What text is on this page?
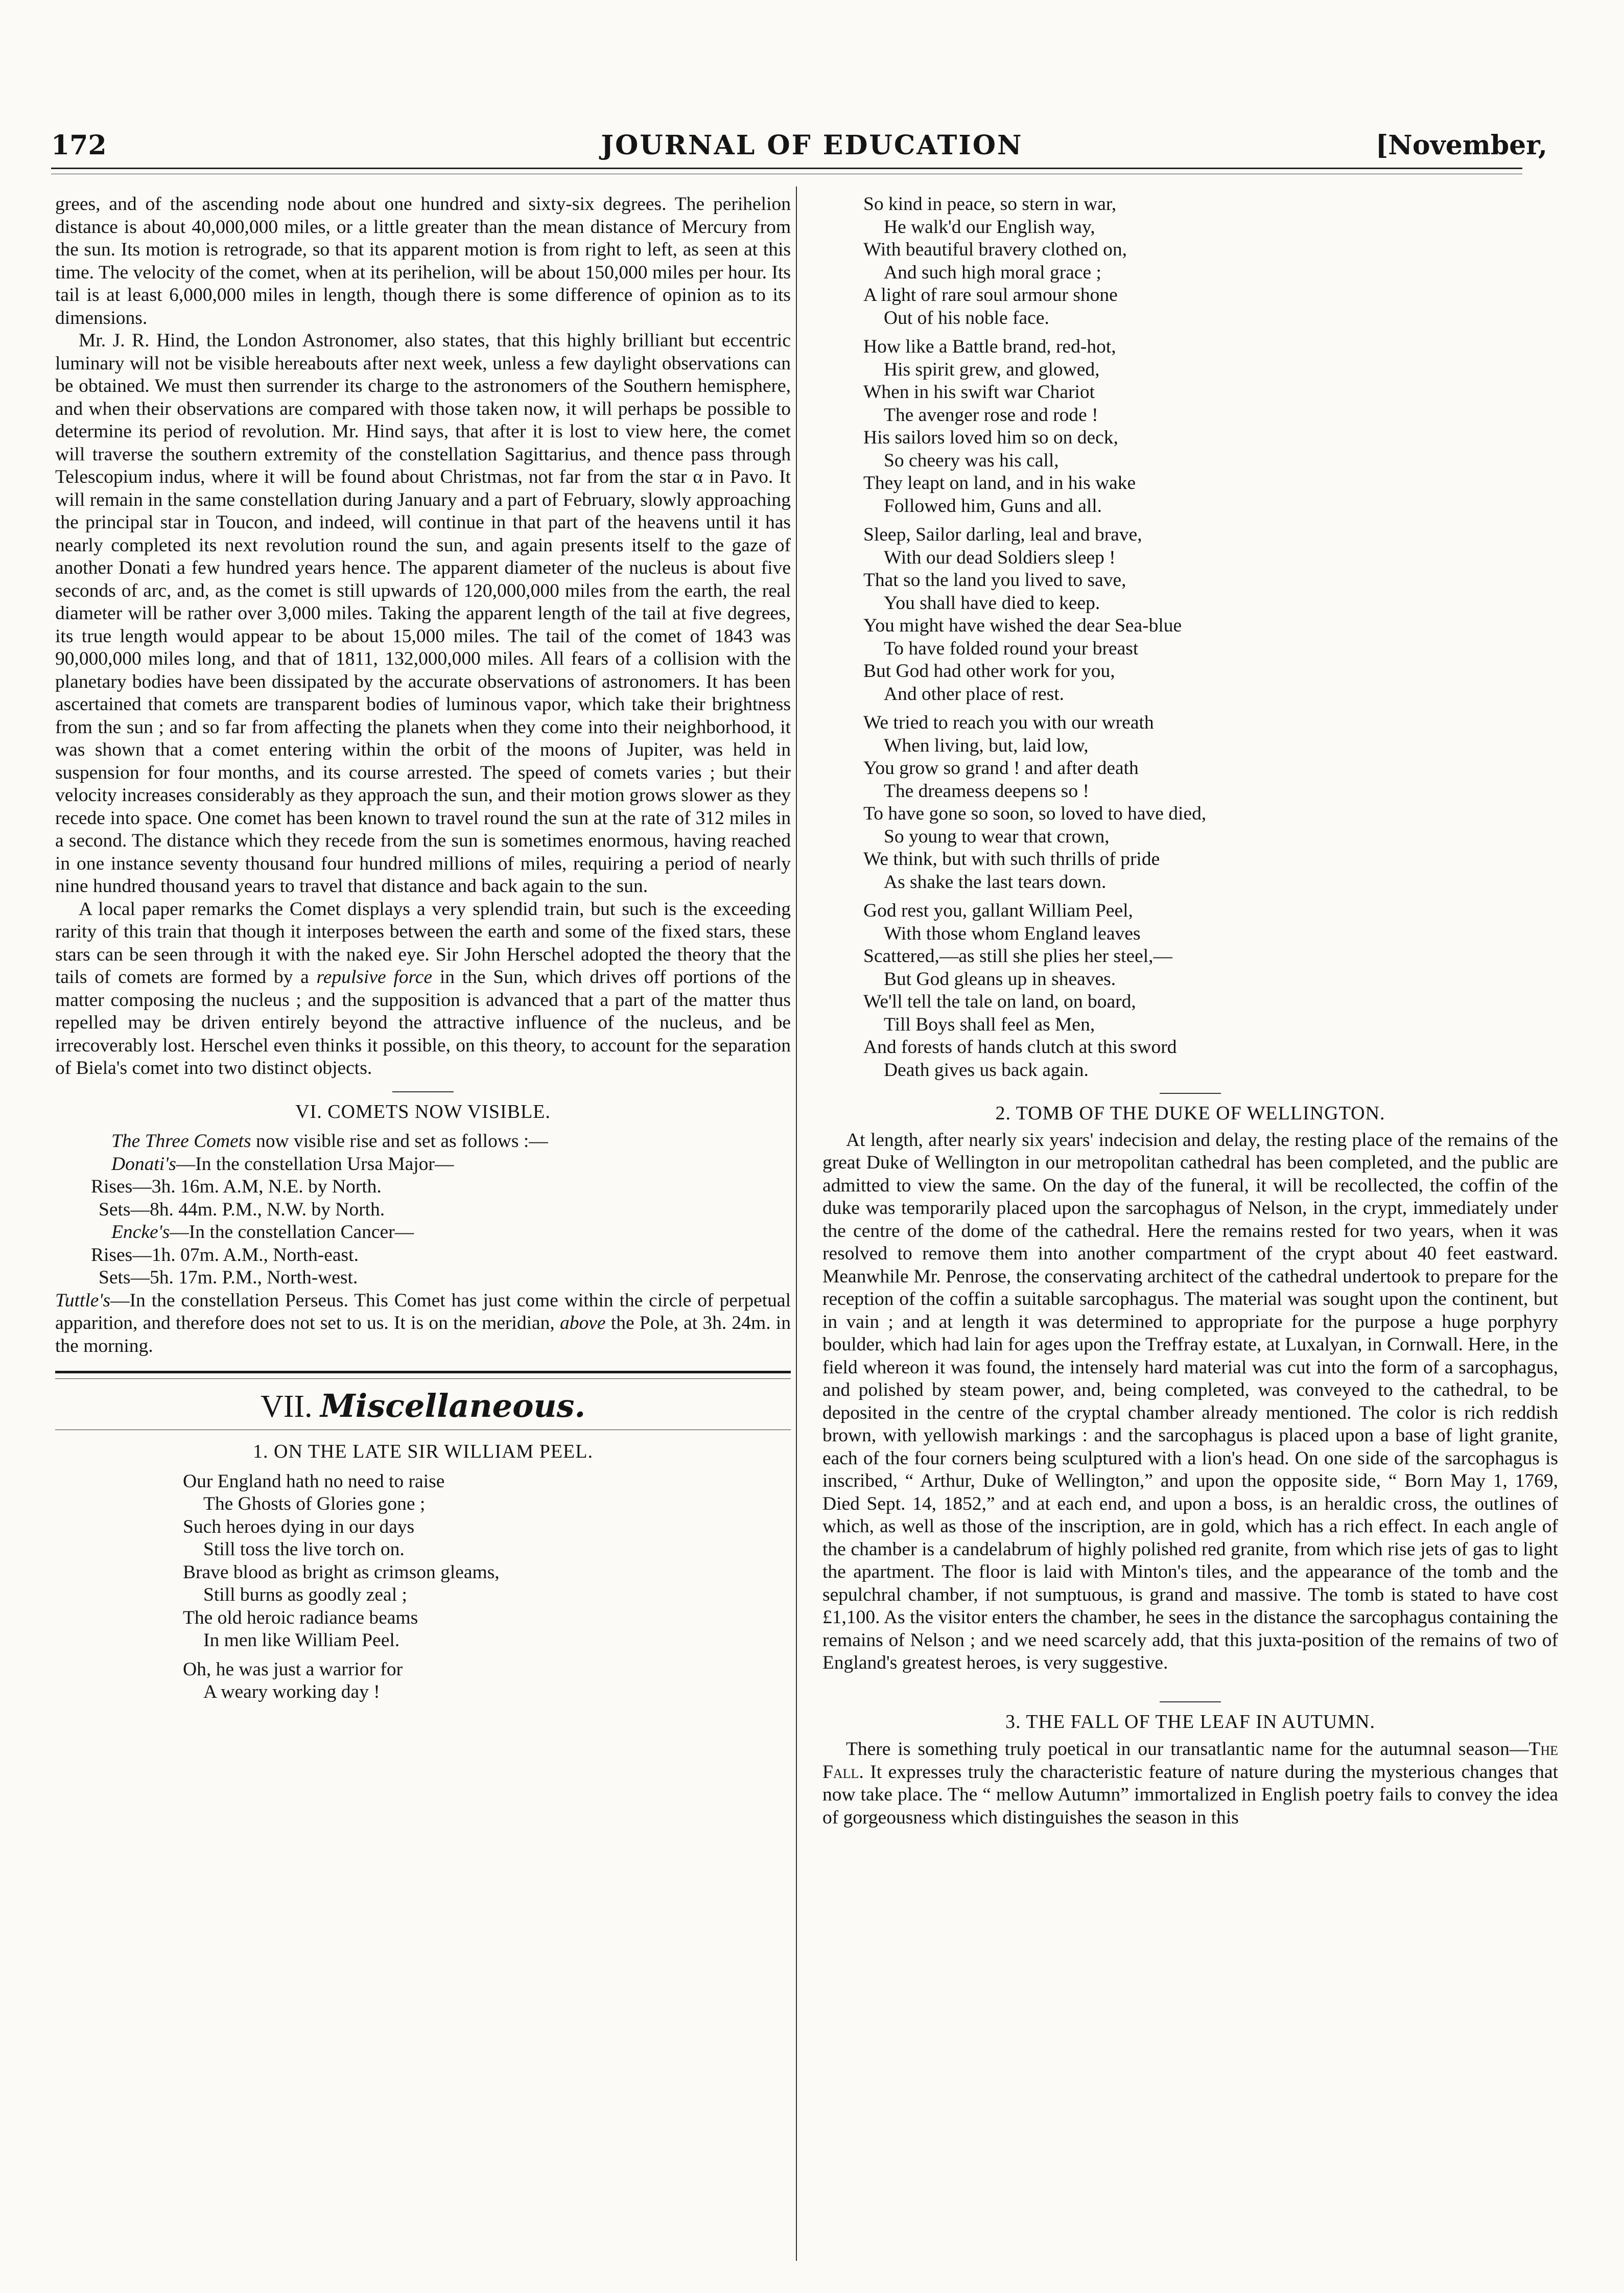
172	JOURNAL OF EDUCATION	[November,

grees, and of the ascending node about one hundred and sixty-six degrees. The perihelion distance is about 40,000,000 miles, or a little greater than the mean distance of Mercury from the sun. Its motion is retrograde, so that its apparent motion is from right to left, as seen at this time. The velocity of the comet, when at its perihelion, will be about 150,000 miles per hour. Its tail is at least 6,000,000 miles in length, though there is some difference of opinion as to its dimensions.

Mr. J. R. Hind, the London Astronomer, also states, that this highly brilliant but eccentric luminary will not be visible hereabouts after next week, unless a few daylight observations can be obtained. We must then surrender its charge to the astronomers of the Southern hemisphere, and when their observations are compared with those taken now, it will perhaps be possible to determine its period of revolution. Mr. Hind says, that after it is lost to view here, the comet will traverse the southern extremity of the constellation Sagittarius, and thence pass through Telescopium indus, where it will be found about Christmas, not far from the star α in Pavo. It will remain in the same constellation during January and a part of February, slowly approaching the principal star in Toucon, and indeed, will continue in that part of the heavens until it has nearly completed its next revolution round the sun, and again presents itself to the gaze of another Donati a few hundred years hence. The apparent diameter of the nucleus is about five seconds of arc, and, as the comet is still upwards of 120,000,000 miles from the earth, the real diameter will be rather over 3,000 miles. Taking the apparent length of the tail at five degrees, its true length would appear to be about 15,000 miles. The tail of the comet of 1843 was 90,000,000 miles long, and that of 1811, 132,000,000 miles. All fears of a collision with the planetary bodies have been dissipated by the accurate observations of astronomers. It has been ascertained that comets are transparent bodies of luminous vapor, which take their brightness from the sun ; and so far from affecting the planets when they come into their neighborhood, it was shown that a comet entering within the orbit of the moons of Jupiter, was held in suspension for four months, and its course arrested. The speed of comets varies ; but their velocity increases considerably as they approach the sun, and their motion grows slower as they recede into space. One comet has been known to travel round the sun at the rate of 312 miles in a second. The distance which they recede from the sun is sometimes enormous, having reached in one instance seventy thousand four hundred millions of miles, requiring a period of nearly nine hundred thousand years to travel that distance and back again to the sun.

A local paper remarks the Comet displays a very splendid train, but such is the exceeding rarity of this train that though it interposes between the earth and some of the fixed stars, these stars can be seen through it with the naked eye. Sir John Herschel adopted the theory that the tails of comets are formed by a repulsive force in the Sun, which drives off portions of the matter composing the nucleus ; and the supposition is advanced that a part of the matter thus repelled may be driven entirely beyond the attractive influence of the nucleus, and be irrecoverably lost. Herschel even thinks it possible, on this theory, to account for the separation of Biela's comet into two distinct objects.

VI. COMETS NOW VISIBLE.

The Three Comets now visible rise and set as follows :—

Donati's—In the constellation Ursa Major—

Rises—3h. 16m. A.M, N.E. by North.

Sets—8h. 44m. P.M., N.W. by North.

Encke's—In the constellation Cancer—

Rises—1h. 07m. A.M., North-east.

Sets—5h. 17m. P.M., North-west.

Tuttle's—In the constellation Perseus. This Comet has just come within the circle of perpetual apparition, and therefore does not set to us. It is on the meridian, above the Pole, at 3h. 24m. in the morning.

VII. Miscellaneous.
1. ON THE LATE SIR WILLIAM PEEL.
Our England hath no need to raise
The Ghosts of Glories gone ;
Such heroes dying in our days
Still toss the live torch on.
Brave blood as bright as crimson gleams,
Still burns as goodly zeal ;
The old heroic radiance beams
In men like William Peel.
Oh, he was just a warrior for
A weary working day !
So kind in peace, so stern in war,
He walk'd our English way,
With beautiful bravery clothed on,
And such high moral grace ;
A light of rare soul armour shone
Out of his noble face.
How like a Battle brand, red-hot,
His spirit grew, and glowed,
When in his swift war Chariot
The avenger rose and rode !
His sailors loved him so on deck,
So cheery was his call,
They leapt on land, and in his wake
Followed him, Guns and all.
Sleep, Sailor darling, leal and brave,
With our dead Soldiers sleep !
That so the land you lived to save,
You shall have died to keep.
You might have wished the dear Sea-blue
To have folded round your breast
But God had other work for you,
And other place of rest.
We tried to reach you with our wreath
When living, but, laid low,
You grow so grand ! and after death
The dreamess deepens so !
To have gone so soon, so loved to have died,
So young to wear that crown,
We think, but with such thrills of pride
As shake the last tears down.
God rest you, gallant William Peel,
With those whom England leaves
Scattered,—as still she plies her steel,—
But God gleans up in sheaves.
We'll tell the tale on land, on board,
Till Boys shall feel as Men,
And forests of hands clutch at this sword
Death gives us back again.
2. TOMB OF THE DUKE OF WELLINGTON.

At length, after nearly six years' indecision and delay, the resting place of the remains of the great Duke of Wellington in our metropolitan cathedral has been completed, and the public are admitted to view the same. On the day of the funeral, it will be recollected, the coffin of the duke was temporarily placed upon the sarcophagus of Nelson, in the crypt, immediately under the centre of the dome of the cathedral. Here the remains rested for two years, when it was resolved to remove them into another compartment of the crypt about 40 feet eastward. Meanwhile Mr. Penrose, the conservating architect of the cathedral undertook to prepare for the reception of the coffin a suitable sarcophagus. The material was sought upon the continent, but in vain ; and at length it was determined to appropriate for the purpose a huge porphyry boulder, which had lain for ages upon the Treffray estate, at Luxalyan, in Cornwall. Here, in the field whereon it was found, the intensely hard material was cut into the form of a sarcophagus, and polished by steam power, and, being completed, was conveyed to the cathedral, to be deposited in the centre of the cryptal chamber already mentioned. The color is rich reddish brown, with yellowish markings : and the sarcophagus is placed upon a base of light granite, each of the four corners being sculptured with a lion's head. On one side of the sarcophagus is inscribed, “ Arthur, Duke of Wellington,” and upon the opposite side, “ Born May 1, 1769, Died Sept. 14, 1852,” and at each end, and upon a boss, is an heraldic cross, the outlines of which, as well as those of the inscription, are in gold, which has a rich effect. In each angle of the chamber is a candelabrum of highly polished red granite, from which rise jets of gas to light the apartment. The floor is laid with Minton's tiles, and the appearance of the tomb and the sepulchral chamber, if not sumptuous, is grand and massive. The tomb is stated to have cost £1,100. As the visitor enters the chamber, he sees in the distance the sarcophagus containing the remains of Nelson ; and we need scarcely add, that this juxta-position of the remains of two of England's greatest heroes, is very suggestive.

3. THE FALL OF THE LEAF IN AUTUMN.

There is something truly poetical in our transatlantic name for the autumnal season—The Fall. It expresses truly the characteristic feature of nature during the mysterious changes that now take place. The “ mellow Autumn” immortalized in English poetry fails to convey the idea of gorgeousness which distinguishes the season in this
